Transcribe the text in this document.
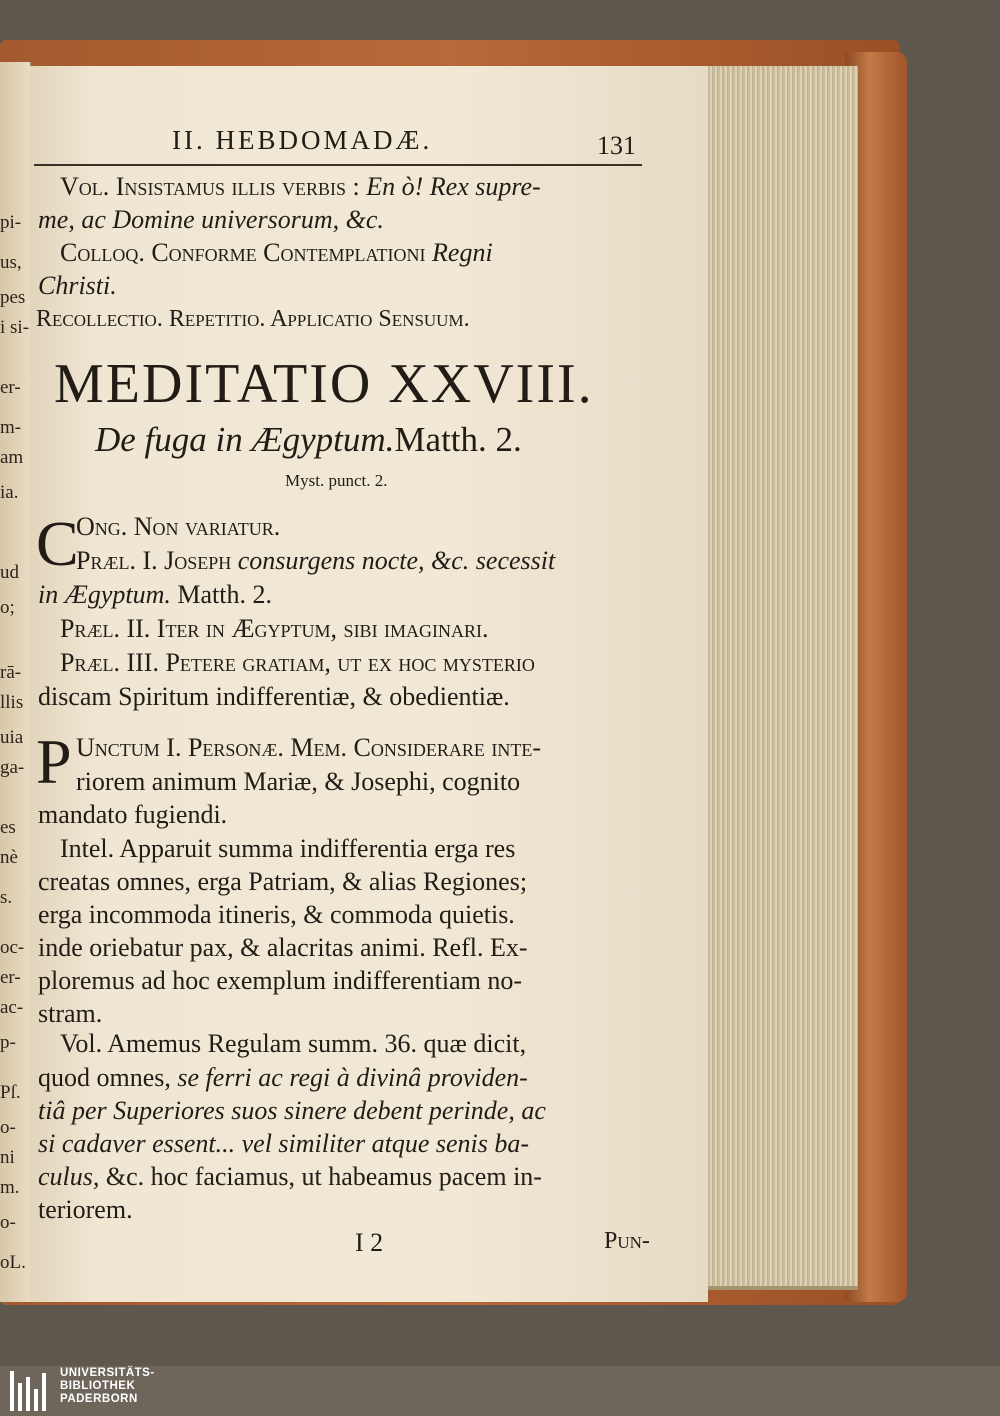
pi-
us,
pes
i si-
er-
m-
am
ia.
ud
o;
rā-
llis
uia
ga-
es
nè
s.
oc-
er-
ac-
p-
Pſ.
o-
ni
m.
o-
oL.
II. HEBDOMADÆ.	131
Vol. Insistamus illis verbis : En ò! Rex supre-
me, ac Domine universorum, &c.
Colloq. Conforme Contemplationi Regni
Christi.
Recollectio. Repetitio. Applicatio Sensuum.
MEDITATIO XXVIII.
De fuga in Ægyptum.Matth. 2.
Myst. punct. 2.
C
Ong. Non variatur.
Præl. I. Joseph consurgens nocte, &c. secessit
in Ægyptum. Matth. 2.
Præl. II. Iter in Ægyptum, sibi imaginari.
Præl. III. Petere gratiam, ut ex hoc mysterio
discam Spiritum indifferentiæ, & obedientiæ.
P Unctum I. Personæ. Mem. Considerare inte-
riorem animum Mariæ, & Josephi, cognito
mandato fugiendi.
Intel. Apparuit summa indifferentia erga res
creatas omnes, erga Patriam, & alias Regiones;
erga incommoda itineris, & commoda quietis.
inde oriebatur pax, & alacritas animi. Refl. Ex-
ploremus ad hoc exemplum indifferentiam no-
stram.
Vol. Amemus Regulam summ. 36. quæ dicit,
quod omnes, se ferri ac regi à divinâ providen-
tiâ per Superiores suos sinere debent perinde, ac
si cadaver essent... vel similiter atque senis ba-
culus, &c. hoc faciamus, ut habeamus pacem in-
teriorem.
I 2	Pun-
UNIVERSITÄTS-
BIBLIOTHEK
PADERBORN
